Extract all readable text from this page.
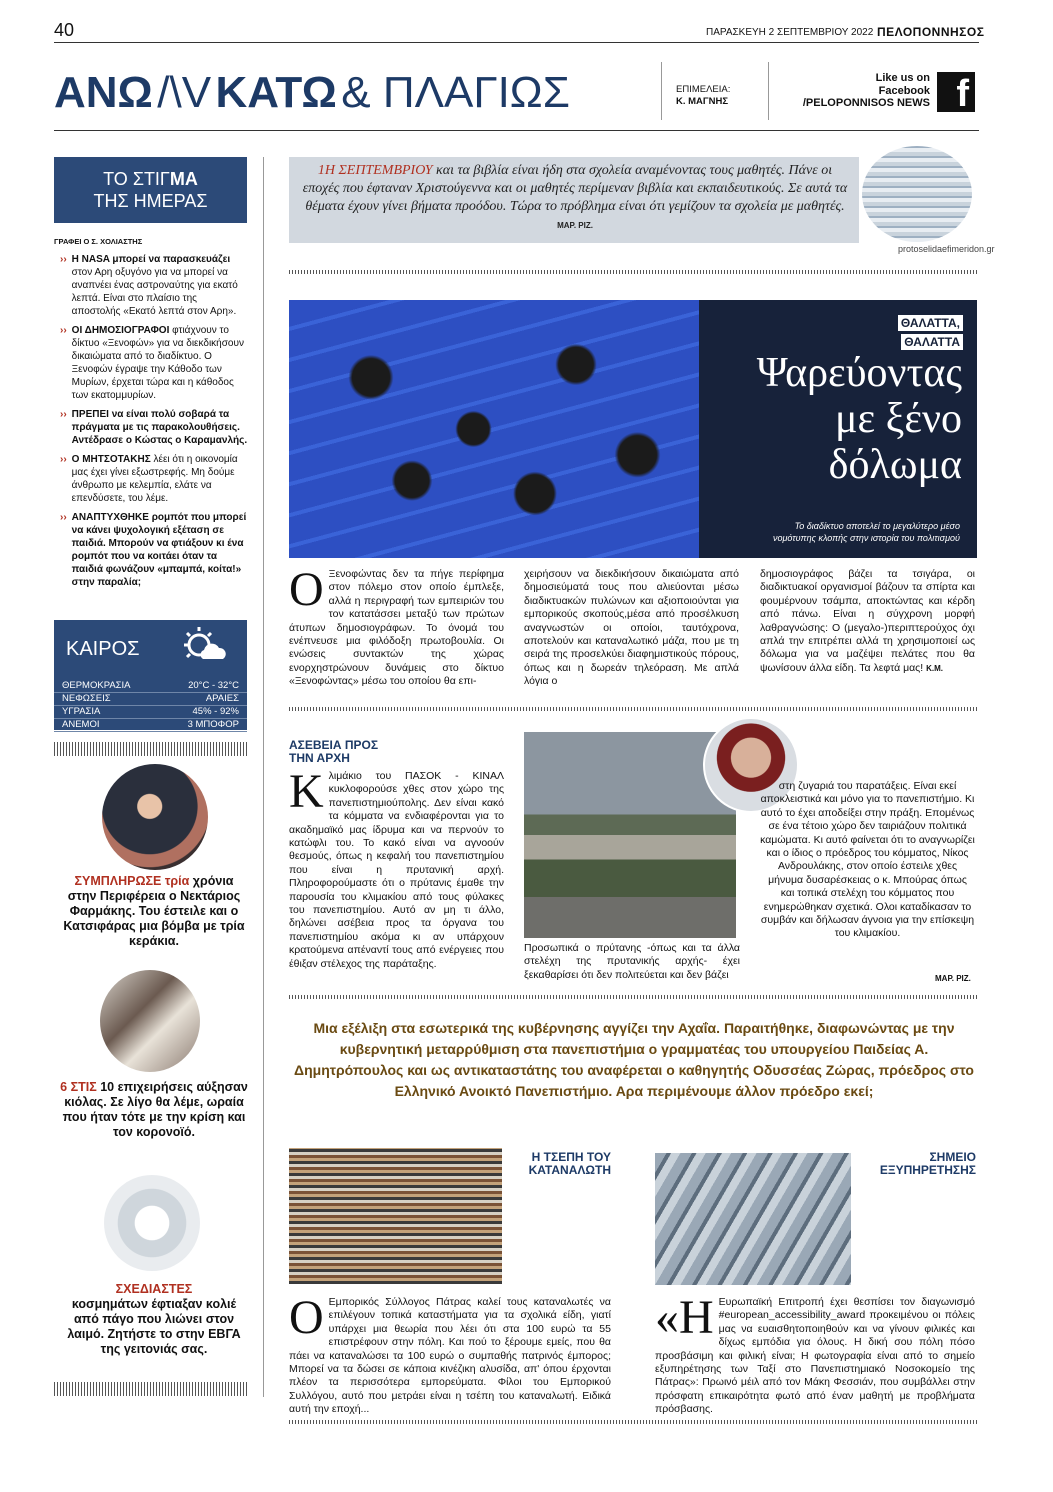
40	ΠΑΡΑΣΚΕΥΗ 2 ΣΕΠΤΕΜΒΡΙΟΥ 2022 ΠΕΛΟΠΟΝΝΗΣΟΣ
ΑΝΩ /\V ΚΑΤΩ & ΠΛΑΓΙΩΣ	ΕΠΙΜΕΛΕΙΑ:
Κ. ΜΑΓΝΗΣ
Like us on
Facebook
/PELOPONNISOS NEWS f
ΤΟ ΣΤΙΓΜΑ
ΤΗΣ ΗΜΕΡΑΣ
ΓΡΑΦΕΙ Ο Σ. ΧΟΛΙΑΣΤΗΣ
›› Η NASA μπορεί να παρασκευάζει στον Αρη οξυγόνο για να μπορεί να αναπνέει ένας αστροναύτης για εκατό λεπτά. Είναι στο πλαίσιο της αποστολής «Εκατό λεπτά στον Αρη».
›› ΟΙ ΔΗΜΟΣΙΟΓΡΑΦΟΙ φτιάχνουν το δίκτυο «Ξενοφών» για να διεκδικήσουν δικαιώματα από το διαδίκτυο. Ο Ξενοφών έγραψε την Κάθοδο των Μυρίων, έρχεται τώρα και η κάθοδος των εκατομμυρίων.
›› ΠΡΕΠΕΙ να είναι πολύ σοβαρά τα πράγματα με τις παρακολουθήσεις. Αντέδρασε ο Κώστας ο Καραμανλής.
›› Ο ΜΗΤΣΟΤΑΚΗΣ λέει ότι η οικονομία μας έχει γίνει εξωστρεφής. Μη δούμε άνθρωπο με κελεμπία, ελάτε να επενδύσετε, του λέμε.
›› ΑΝΑΠΤΥΧΘΗΚΕ ρομπότ που μπορεί να κάνει ψυχολογική εξέταση σε παιδιά. Μπορούν να φτιάξουν κι ένα ρομπότ που να κοιτάει όταν τα παιδιά φωνάζουν «μπαμπά, κοίτα!» στην παραλία;
ΚΑΙΡΟΣ
ΘΕΡΜΟΚΡΑΣΙΑ	20°C - 32°C
ΝΕΦΩΣΕΙΣ	ΑΡΑΙΕΣ
ΥΓΡΑΣΙΑ	45% - 92%
ΑΝΕΜΟΙ	3 ΜΠΟΦΟΡ
ΣΥΜΠΛΗΡΩΣΕ τρία χρόνια στην Περιφέρεια ο Νεκτάριος Φαρμάκης. Του έστειλε και ο Κατσιφάρας μια βόμβα με τρία κεράκια.
6 ΣΤΙΣ 10 επιχειρήσεις αύξησαν κιόλας. Σε λίγο θα λέμε, ωραία που ήταν τότε με την κρίση και τον κορονοϊό.
ΣΧΕΔΙΑΣΤΕΣ
κοσμημάτων έφτιαξαν κολιέ από πάγο που λιώνει στον λαιμό. Ζητήστε το στην ΕΒΓΑ της γειτονιάς σας.
1Η ΣΕΠΤΕΜΒΡΙΟΥ και τα βιβλία είναι ήδη στα σχολεία αναμένοντας τους μαθητές. Πάνε οι εποχές που έφταναν Χριστούγεννα και οι μαθητές περίμεναν βιβλία και εκπαιδευτικούς. Σε αυτά τα θέματα έχουν γίνει βήματα προόδου. Τώρα το πρόβλημα είναι ότι γεμίζουν τα σχολεία με μαθητές. ΜΑΡ. ΡΙΖ.
protoselidaefimeridon.gr
ΘΑΛΑΤΤΑ,
ΘΑΛΑΤΤΑ
Ψαρεύοντας
με ξένο
δόλωμα
Το διαδίκτυο αποτελεί το μεγαλύτερο μέσο
νομότυπης κλοπής στην ιστορία του πολιτισμού
Ο Ξενοφώντας δεν τα πήγε περίφημα στον πόλεμο στον οποίο έμπλεξε, αλλά η περιγραφή των εμπειριών του τον κατατάσσει μεταξύ των πρώτων άτυπων δημοσιογράφων. Το όνομά του ενέπνευσε μια φιλόδοξη πρωτοβουλία. Οι ενώσεις συντακτών της χώρας ενορχηστρώνουν δυνάμεις στο δίκτυο «Ξενοφώντας» μέσω του οποίου θα επι-
χειρήσουν να διεκδικήσουν δικαιώματα από δημοσιεύματά τους που αλιεύονται μέσω διαδικτυακών πυλώνων και αξιοποιούνται για εμπορικούς σκοπούς,μέσα από προσέλκυση αναγνωστών οι οποίοι, ταυτόχρονα, αποτελούν και καταναλωτικό μάζα, που με τη σειρά της προσελκύει διαφημιστικούς πόρους, όπως και η δωρεάν τηλεόραση. Με απλά λόγια ο
δημοσιογράφος βάζει τα τσιγάρα, οι διαδικτυακοί οργανισμοί βάζουν τα σπίρτα και φουμέρνουν τσάμπα, αποκτώντας και κέρδη από πάνω. Είναι η σύγχρονη μορφή λαθραγνώσης: Ο (μεγαλο-)περιπτερούχος όχι απλά την επιτρέπει αλλά τη χρησιμοποιεί ως δόλωμα για να μαζέψει πελάτες που θα ψωνίσουν άλλα είδη. Τα λεφτά μας! Κ.Μ.
ΑΣΕΒΕΙΑ ΠΡΟΣ
ΤΗΝ ΑΡΧΗ
Κλιμάκιο του ΠΑΣΟΚ - ΚΙΝΑΛ κυκλοφορούσε χθες στον χώρο της πανεπιστημιούπολης. Δεν είναι κακό τα κόμματα να ενδιαφέρονται για το ακαδημαϊκό μας ίδρυμα και να περνούν το κατώφλι του. Το κακό είναι να αγνοούν θεσμούς, όπως η κεφαλή του πανεπιστημίου που είναι η πρυτανική αρχή. Πληροφορούμαστε ότι ο πρύτανις έμαθε την παρουσία του κλιμακίου από τους φύλακες του πανεπιστημίου. Αυτό αν μη τι άλλο, δηλώνει ασέβεια προς τα όργανα του πανεπιστημίου ακόμα κι αν υπάρχουν κρατούμενα απέναντί τους από ενέργειες που έθιξαν στέλεχος της παράταξης.
Προσωπικά ο πρύτανης -όπως και τα άλλα στελέχη της πρυτανικής αρχής- έχει ξεκαθαρίσει ότι δεν πολιτεύεται και δεν βάζει
στη ζυγαριά του παρατάξεις. Είναι εκεί αποκλειστικά και μόνο για το πανεπιστήμιο. Κι αυτό το έχει αποδείξει στην πράξη. Επομένως σε ένα τέτοιο χώρο δεν ταιριάζουν πολιτικά καμώματα. Κι αυτό φαίνεται ότι το αναγνωρίζει και ο ίδιος ο πρόεδρος του κόμματος, Νίκος Ανδρουλάκης, στον οποίο έστειλε χθες μήνυμα δυσαρέσκειας ο κ. Μπούρας όπως και τοπικά στελέχη του κόμματος που ενημερώθηκαν σχετικά. Ολοι καταδίκασαν το συμβάν και δήλωσαν άγνοια για την επίσκεψη του κλιμακίου.
ΜΑΡ. ΡΙΖ.
Μια εξέλιξη στα εσωτερικά της κυβέρνησης αγγίζει την Αχαΐα. Παραιτήθηκε, διαφωνώντας με την κυβερνητική μεταρρύθμιση στα πανεπιστήμια ο γραμματέας του υπουργείου Παιδείας Α. Δημητρόπουλος και ως αντικαταστάτης του αναφέρεται ο καθηγητής Οδυσσέας Ζώρας, πρόεδρος στο Ελληνικό Ανοικτό Πανεπιστήμιο. Αρα περιμένουμε άλλον πρόεδρο εκεί;
Η ΤΣΕΠΗ ΤΟΥ
ΚΑΤΑΝΑΛΩΤΗ
Ο Εμπορικός Σύλλογος Πάτρας καλεί τους καταναλωτές να επιλέγουν τοπικά καταστήματα για τα σχολικά είδη, γιατί υπάρχει μια θεωρία που λέει ότι στα 100 ευρώ τα 55 επιστρέφουν στην πόλη. Και πού το ξέρουμε εμείς, που θα πάει να καταναλώσει τα 100 ευρώ ο συμπαθής πατρινός έμπορος; Μπορεί να τα δώσει σε κάποια κινέζικη αλυσίδα, απ' όπου έρχονται πλέον τα περισσότερα εμπορεύματα. Φίλοι του Εμπορικού Συλλόγου, αυτό που μετράει είναι η τσέπη του καταναλωτή. Ειδικά αυτή την εποχή...
ΣΗΜΕΙΟ
ΕΞΥΠΗΡΕΤΗΣΗΣ
«Η Ευρωπαϊκή Επιτροπή έχει θεσπίσει τον διαγωνισμό #european_accessibility_award προκειμένου οι πόλεις μας να ευαισθητοποιηθούν και να γίνουν φιλικές και δίχως εμπόδια για όλους. Η δική σου πόλη πόσο προσβάσιμη και φιλική είναι; Η φωτογραφία είναι από το σημείο εξυπηρέτησης των Ταξί στο Πανεπιστημιακό Νοσοκομείο της Πάτρας»: Πρωινό μέιλ από τον Μάκη Φεσσιάν, που συμβάλλει στην πρόσφατη επικαιρότητα φωτό από έναν μαθητή με προβλήματα πρόσβασης.
